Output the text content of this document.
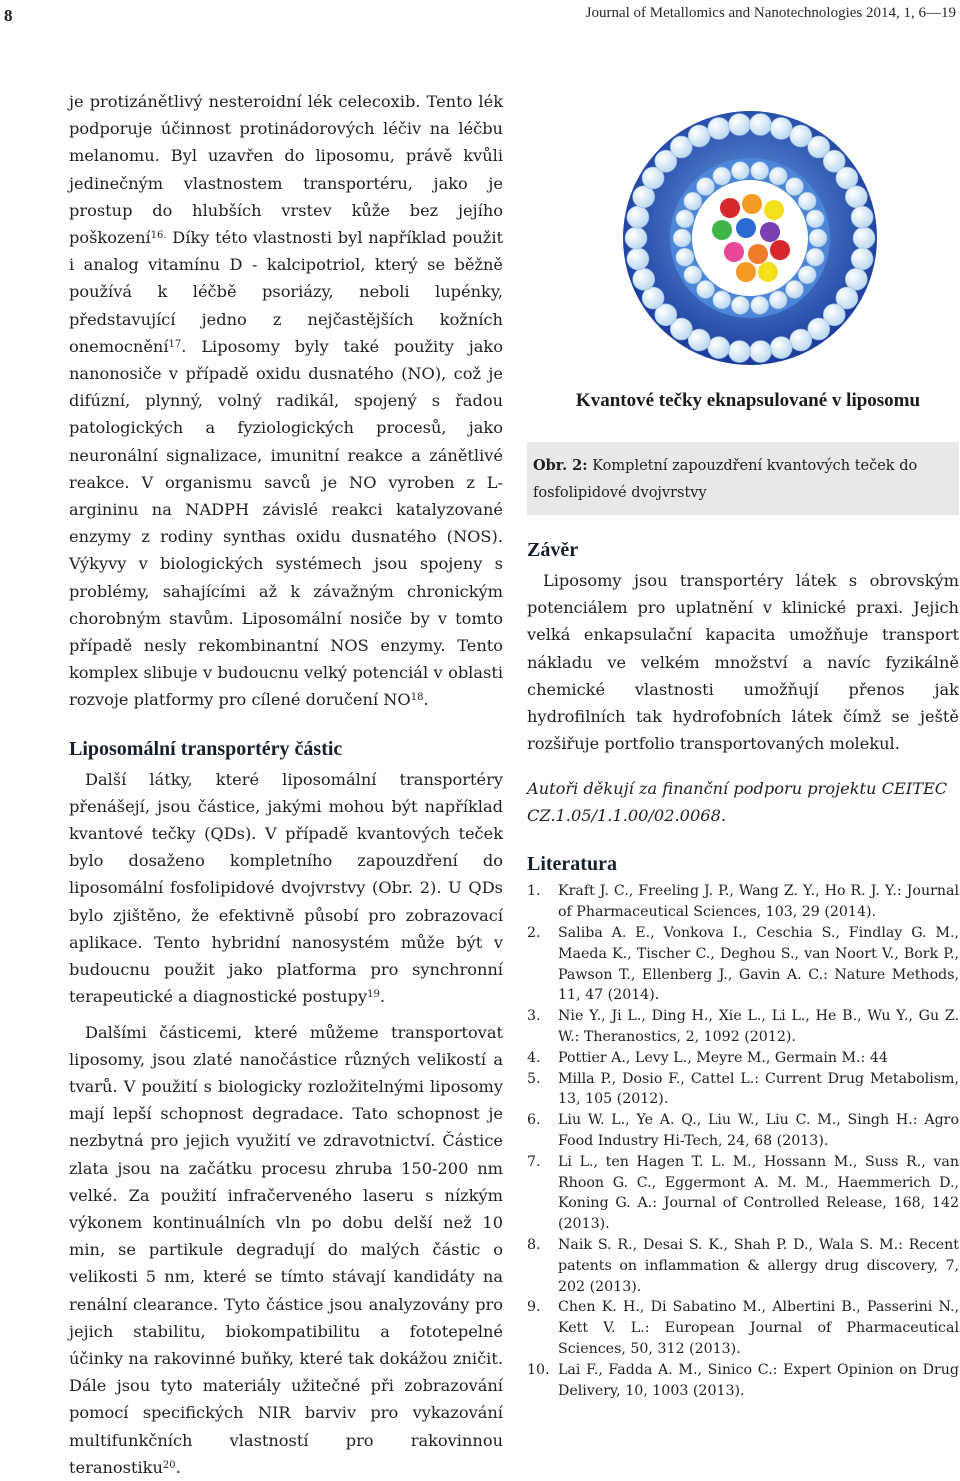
8	Journal of Metallomics and Nanotechnologies 2014, 1, 6—19

je protizánětlivý nesteroidní lék celecoxib. Tento lék podporuje účinnost protinádorových léčiv na léčbu melanomu. Byl uzavřen do liposomu, právě kvůli jedinečným vlastnostem transportéru, jako je prostup do hlubších vrstev kůže bez jejího poškození$^{16.}$ Díky této vlastnosti byl například použit i analog vitamínu D - kalcipotriol, který se běžně používá k léčbě psoriázy, neboli lupénky, představující jedno z nejčastějších kožních onemocnění$^{17}$. Liposomy byly také použity jako nanonosiče v případě oxidu dusnatého (NO), což je difúzní, plynný, volný radikál, spojený s řadou patologických a fyziologických procesů, jako neuronální signalizace, imunitní reakce a zánětlivé reakce. V organismu savců je NO vyroben z L-argininu na NADPH závislé reakci katalyzované enzymy z rodiny synthas oxidu dusnatého (NOS). Výkyvy v biologických systémech jsou spojeny s problémy, sahajícími až k závažným chronickým chorobným stavům. Liposomální nosiče by v tomto případě nesly rekombinantní NOS enzymy. Tento komplex slibuje v budoucnu velký potenciál v oblasti rozvoje platformy pro cílené doručení NO$^{18}$.

Liposomální transportéry částic

Další látky, které liposomální transportéry přenášejí, jsou částice, jakými mohou být například kvantové tečky (QDs). V případě kvantových teček bylo dosaženo kompletního zapouzdření do liposomální fosfolipidové dvojvrstvy (Obr. 2). U QDs bylo zjištěno, že efektivně působí pro zobrazovací aplikace. Tento hybridní nanosystém může být v budoucnu použit jako platforma pro synchronní terapeutické a diagnostické postupy$^{19}$.

Dalšími částicemi, které můžeme transportovat liposomy, jsou zlaté nanočástice různých velikostí a tvarů. V použití s biologicky rozložitelnými liposomy mají lepší schopnost degradace. Tato schopnost je nezbytná pro jejich využití ve zdravotnictví. Částice zlata jsou na začátku procesu zhruba 150-200 nm velké. Za použití infračerveného laseru s nízkým výkonem kontinuálních vln po dobu delší než 10 min, se partikule degradují do malých částic o velikosti 5 nm, které se tímto stávají kandidáty na renální clearance. Tyto částice jsou analyzovány pro jejich stabilitu, biokompatibilitu a fototepelné účinky na rakovinné buňky, které tak dokážou zničit. Dále jsou tyto materiály užitečné při zobrazování pomocí specifických NIR barviv pro vykazování multifunkčních vlastností pro rakovinnou teranostiku$^{20}$.

Kvantové tečky eknapsulované v liposomu
Obr. 2: Kompletní zapouzdření kvantových teček do fosfolipidové dvojvrstvy
Závěr

Liposomy jsou transportéry látek s obrovským potenciálem pro uplatnění v klinické praxi. Jejich velká enkapsulační kapacita umožňuje transport nákladu ve velkém množství a navíc fyzikálně chemické vlastnosti umožňují přenos jak hydrofilních tak hydrofobních látek čímž se ještě rozšiřuje portfolio transportovaných molekul.

Autoři děkují za finanční podporu projektu CEITEC CZ.1.05/1.1.00/02.0068.

Literatura
1.	Kraft J. C., Freeling J. P., Wang Z. Y., Ho R. J. Y.: Journal of Pharmaceutical Sciences, 103, 29 (2014).
2.	Saliba A. E., Vonkova I., Ceschia S., Findlay G. M., Maeda K., Tischer C., Deghou S., van Noort V., Bork P., Pawson T., Ellenberg J., Gavin A. C.: Nature Methods, 11, 47 (2014).
3.	Nie Y., Ji L., Ding H., Xie L., Li L., He B., Wu Y., Gu Z. W.: Theranostics, 2, 1092 (2012).
4.	Pottier A., Levy L., Meyre M., Germain M.: 44
5.	Milla P., Dosio F., Cattel L.: Current Drug Metabolism, 13, 105 (2012).
6.	Liu W. L., Ye A. Q., Liu W., Liu C. M., Singh H.: Agro Food Industry Hi-Tech, 24, 68 (2013).
7.	Li L., ten Hagen T. L. M., Hossann M., Suss R., van Rhoon G. C., Eggermont A. M. M., Haemmerich D., Koning G. A.: Journal of Controlled Release, 168, 142 (2013).
8.	Naik S. R., Desai S. K., Shah P. D., Wala S. M.: Recent patents on inflammation & allergy drug discovery, 7, 202 (2013).
9.	Chen K. H., Di Sabatino M., Albertini B., Passerini N., Kett V. L.: European Journal of Pharmaceutical Sciences, 50, 312 (2013).
10. Lai F., Fadda A. M., Sinico C.: Expert Opinion on Drug Delivery, 10, 1003 (2013).
